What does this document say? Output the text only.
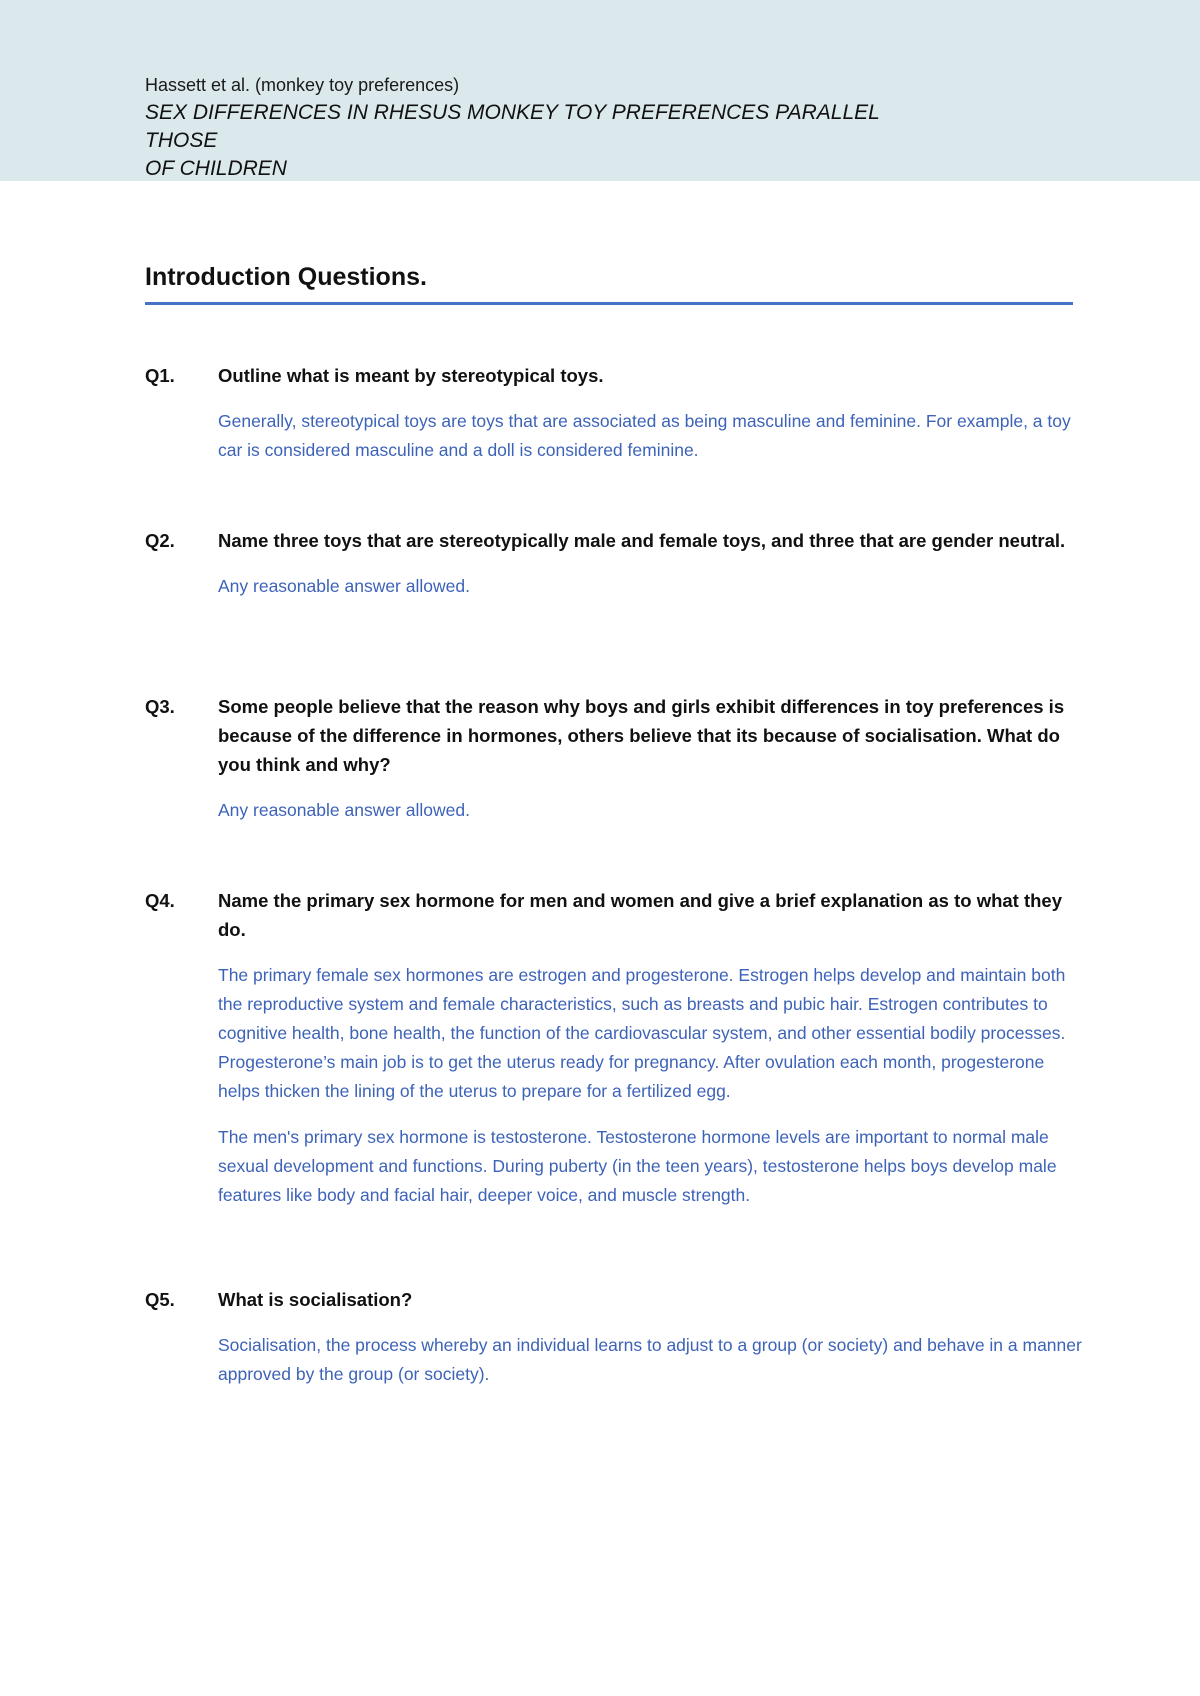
Hassett et al. (monkey toy preferences)
SEX DIFFERENCES IN RHESUS MONKEY TOY PREFERENCES PARALLEL
THOSE
OF CHILDREN
Introduction Questions.
Q1. Outline what is meant by stereotypical toys.
Generally, stereotypical toys are toys that are associated as being masculine and feminine. For example, a toy car is considered masculine and a doll is considered feminine.
Q2. Name three toys that are stereotypically male and female toys, and three that are gender neutral.
Any reasonable answer allowed.
Q3. Some people believe that the reason why boys and girls exhibit differences in toy preferences is because of the difference in hormones, others believe that its because of socialisation. What do you think and why?
Any reasonable answer allowed.
Q4. Name the primary sex hormone for men and women and give a brief explanation as to what they do.
The primary female sex hormones are estrogen and progesterone. Estrogen helps develop and maintain both the reproductive system and female characteristics, such as breasts and pubic hair. Estrogen contributes to cognitive health, bone health, the function of the cardiovascular system, and other essential bodily processes. Progesterone’s main job is to get the uterus ready for pregnancy. After ovulation each month, progesterone helps thicken the lining of the uterus to prepare for a fertilized egg.
The men's primary sex hormone is testosterone. Testosterone hormone levels are important to normal male sexual development and functions. During puberty (in the teen years), testosterone helps boys develop male features like body and facial hair, deeper voice, and muscle strength.
Q5. What is socialisation?
Socialisation, the process whereby an individual learns to adjust to a group (or society) and behave in a manner approved by the group (or society).
